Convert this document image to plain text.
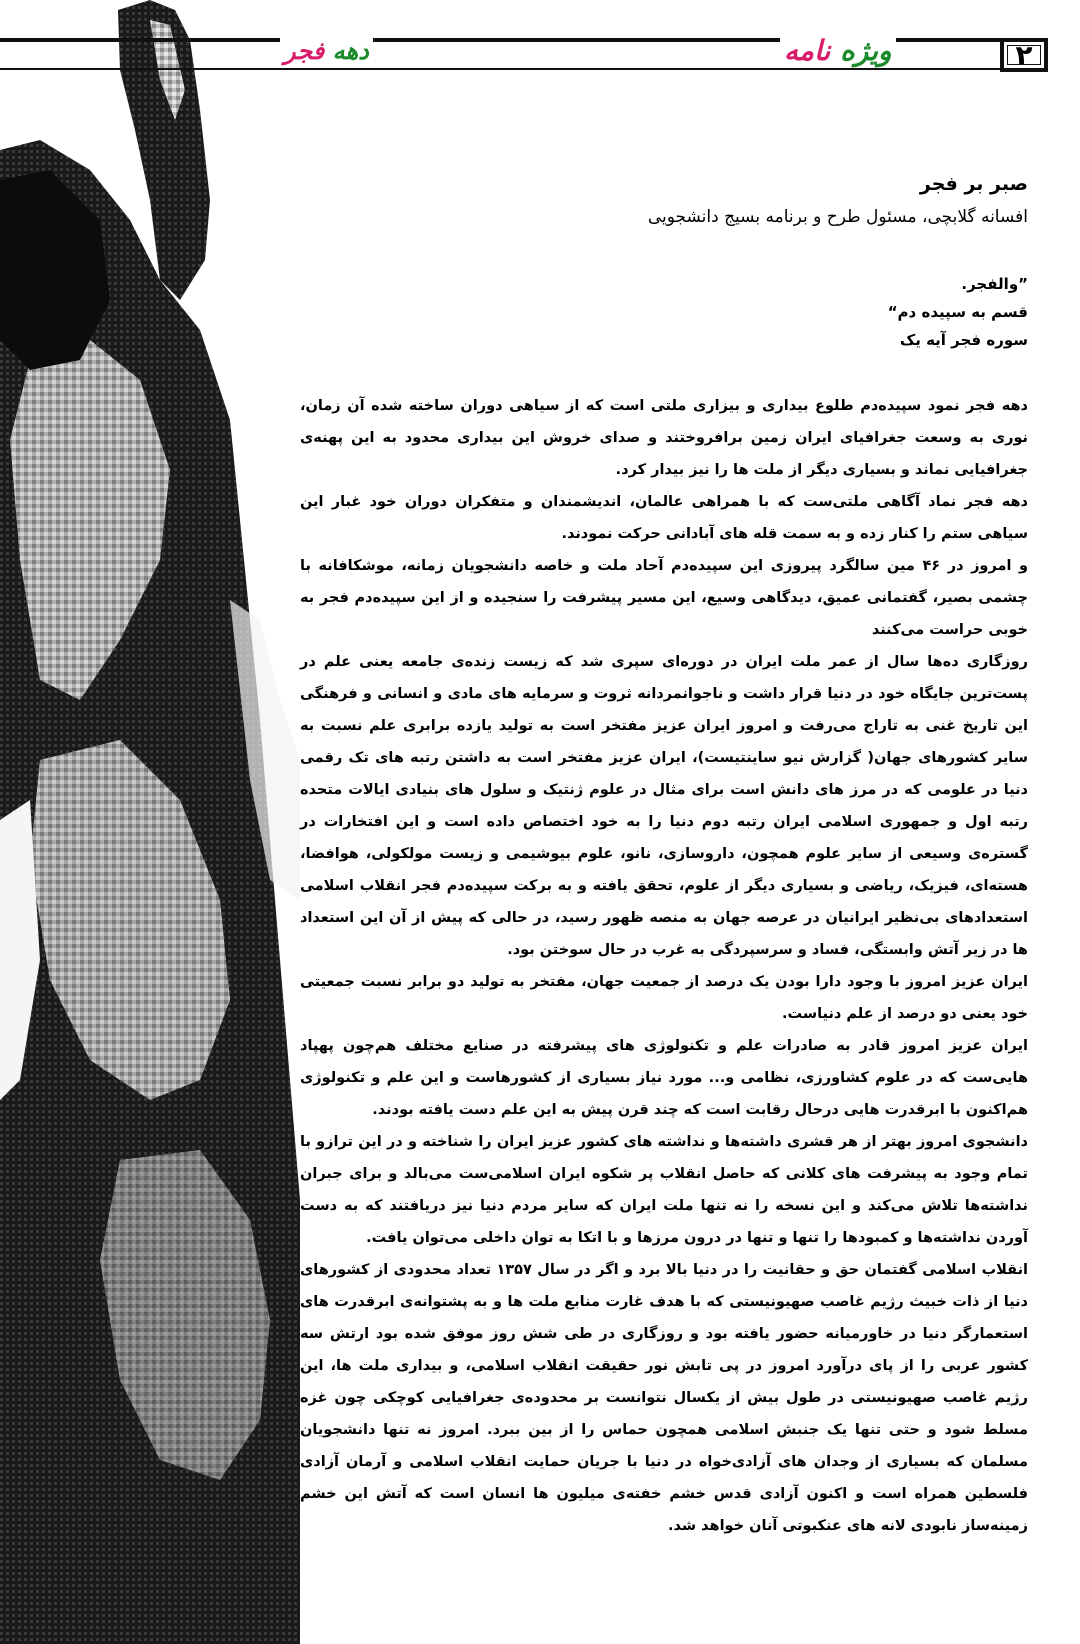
دهه فجر	ویژه نامه	۲
صبر بر فجر
افسانه گلابچی، مسئول طرح و برنامه بسیج دانشجویی
”والفجر.
قسم به سپیده دم“
سوره فجر آیه یک

دهه فجر نمود سپیده‌دم طلوع بیداری و بیزاری ملتی است که از سیاهی دوران ساخته شده آن زمان، نوری به وسعت جغرافیای ایران زمین برافروختند و صدای خروش این بیداری محدود به این پهنه‌ی جغرافیایی نماند و بسیاری دیگر از ملت ها را نیز بیدار کرد.

دهه فجر نماد آگاهی ملتی‌ست که با همراهی عالمان، اندیشمندان و متفکران دوران خود غبار این سیاهی ستم را کنار زده و به سمت قله های آبادانی حرکت نمودند.

و امروز در ۴۶ مین سالگرد پیروزی این سپیده‌دم آحاد ملت و خاصه دانشجویان زمانه، موشکافانه با چشمی بصیر، گفتمانی عمیق، دیدگاهی وسیع، این مسیر پیشرفت را سنجیده و از این سپیده‌دم فجر به خوبی حراست می‌کنند

روزگاری ده‌ها سال از عمر ملت ایران در دوره‌ای سپری شد که زیست زنده‌ی جامعه یعنی علم در پست‌ترین جایگاه خود در دنیا قرار داشت و ناجوانمردانه ثروت و سرمایه های مادی و انسانی و فرهنگی این تاریخ غنی به تاراج می‌رفت و امروز ایران عزیز مفتخر است به تولید یازده برابری علم نسبت به سایر کشورهای جهان( گزارش نیو ساینتیست)، ایران عزیز مفتخر است به داشتن رتبه های تک رقمی دنیا در علومی که در مرز های دانش است برای مثال در علوم ژنتیک و سلول های بنیادی ایالات متحده رتبه اول و جمهوری اسلامی ایران رتبه دوم دنیا را به خود اختصاص داده است و این افتخارات در گستره‌ی وسیعی از سایر علوم همچون، داروسازی، نانو، علوم بیوشیمی و زیست مولکولی، هوافضا، هسته‌ای، فیزیک، ریاضی و بسیاری دیگر از علوم، تحقق یافته و به برکت سپیده‌دم فجر انقلاب اسلامی استعدادهای بی‌نظیر ایرانیان در عرصه جهان به منصه ظهور رسید، در حالی که پیش از آن این استعداد ها در زیر آتش وابستگی، فساد و سرسپردگی به غرب در حال سوختن بود.

ایران عزیز امروز با وجود دارا بودن یک درصد از جمعیت جهان، مفتخر به تولید دو برابر نسبت جمعیتی خود یعنی دو درصد از علم دنیاست.

ایران عزیز امروز قادر به صادرات علم و تکنولوژی های پیشرفته در صنایع مختلف هم‌چون پهپاد هایی‌ست که در علوم کشاورزی، نظامی و... مورد نیاز بسیاری از کشورهاست و این علم و تکنولوژی هم‌اکنون با ابرقدرت هایی درحال رقابت است که چند قرن پیش به این علم دست یافته بودند.

دانشجوی امروز بهتر از هر قشری داشته‌ها و نداشته های کشور عزیز ایران را شناخته و در این ترازو با تمام وجود به پیشرفت های کلانی که حاصل انقلاب پر شکوه ایران اسلامی‌ست می‌بالد و برای جبران نداشته‌ها تلاش می‌کند و این نسخه را نه تنها ملت ایران که سایر مردم دنیا نیز دریافتند که به دست آوردن نداشته‌ها و کمبودها را تنها و تنها در درون مرزها و با اتکا به توان داخلی می‌توان یافت.

انقلاب اسلامی گفتمان حق و حقانیت را در دنیا بالا برد و اگر در سال ۱۳۵۷ تعداد محدودی از کشورهای دنیا از ذات خبیث رژیم غاصب صهیونیستی که با هدف غارت منابع ملت ها و به پشتوانه‌ی ابرقدرت های استعمارگر دنیا در خاورمیانه حضور یافته بود و روزگاری در طی شش روز موفق شده بود ارتش سه کشور عربی را از پای درآورد امروز در پی تابش نور حقیقت انقلاب اسلامی، و بیداری ملت ها، این رژیم غاصب صهیونیستی در طول بیش از یکسال نتوانست بر محدوده‌ی جغرافیایی کوچکی چون غزه مسلط شود و حتی تنها یک جنبش اسلامی همچون حماس را از بین ببرد. امروز نه تنها دانشجویان مسلمان که بسیاری از وجدان های آزادی‌خواه در دنیا با جریان حمایت انقلاب اسلامی و آرمان آزادی فلسطین همراه است و اکنون آزادی قدس خشم خفته‌ی میلیون ها انسان است که آتش این خشم زمینه‌ساز نابودی لانه های عنکبوتی آنان خواهد شد.
